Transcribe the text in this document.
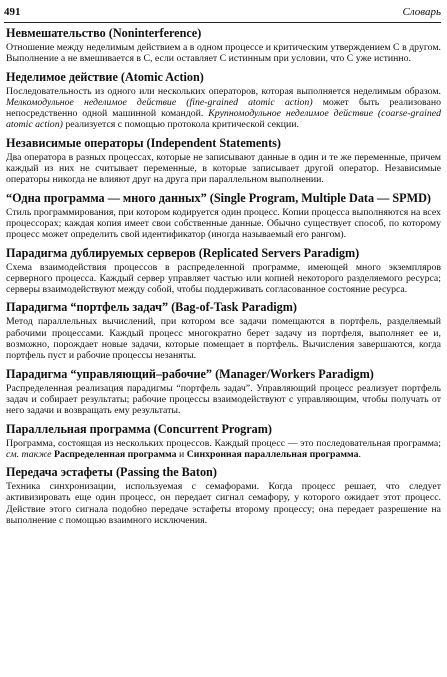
491	Словарь

Невмешательство (Noninterference)

Отношение между неделимым действием а в одном процессе и критическим утверждением С в другом. Выполнение а не вмешивается в С, если оставляет С истинным при условии, что С уже истинно.

Неделимое действие (Atomic Action)

Последовательность из одного или нескольких операторов, которая выполняется неделимым образом. Мелкомодульное неделимое действие (fine-grained atomic action) может быть реализовано непосредственно одной машинной командой. Крупномодульное неделимое действие (coarse-grained atomic action) реализуется с помощью протокола критической секции.

Независимые операторы (Independent Statements)

Два оператора в разных процессах, которые не записывают данные в один и те же переменные, причем каждый из них не считывает переменные, в которые записывает другой оператор. Независимые операторы никогда не влияют друг на друга при параллельном выполнении.

“Одна программа — много данных” (Single Program, Multiple Data — SPMD)

Стиль программирования, при котором кодируется один процесс. Копии процесса выполняются на всех процессорах; каждая копия имеет свои собственные данные. Обычно существует способ, по которому процесс может определить свой идентификатор (иногда называемый его рангом).

Парадигма дублируемых серверов (Replicated Servers Paradigm)

Схема взаимодействия процессов в распределенной программе, имеющей много экземпляров серверного процесса. Каждый сервер управляет частью или копией некоторого разделяемого ресурса; серверы взаимодействуют между собой, чтобы поддерживать согласованное состояние ресурса.

Парадигма “портфель задач” (Bag-of-Task Paradigm)

Метод параллельных вычислений, при котором все задачи помещаются в портфель, разделяемый рабочими процессами. Каждый процесс многократно берет задачу из портфеля, выполняет ее и, возможно, порождает новые задачи, которые помещает в портфель. Вычисления завершаются, когда портфель пуст и рабочие процессы незаняты.

Парадигма “управляющий–рабочие” (Manager/Workers Paradigm)

Распределенная реализация парадигмы “портфель задач”. Управляющий процесс реализует портфель задач и собирает результаты; рабочие процессы взаимодействуют с управляющим, чтобы получать от него задачи и возвращать ему результаты.

Параллельная программа (Concurrent Program)

Программа, состоящая из нескольких процессов. Каждый процесс — это последовательная программа; см. также Распределенная программа и Синхронная параллельная программа.

Передача эстафеты (Passing the Baton)

Техника синхронизации, используемая с семафорами. Когда процесс решает, что следует активизировать еще один процесс, он передает сигнал семафору, у которого ожидает этот процесс. Действие этого сигнала подобно передаче эстафеты второму процессу; она передает разрешение на выполнение с помощью взаимного исключения.
